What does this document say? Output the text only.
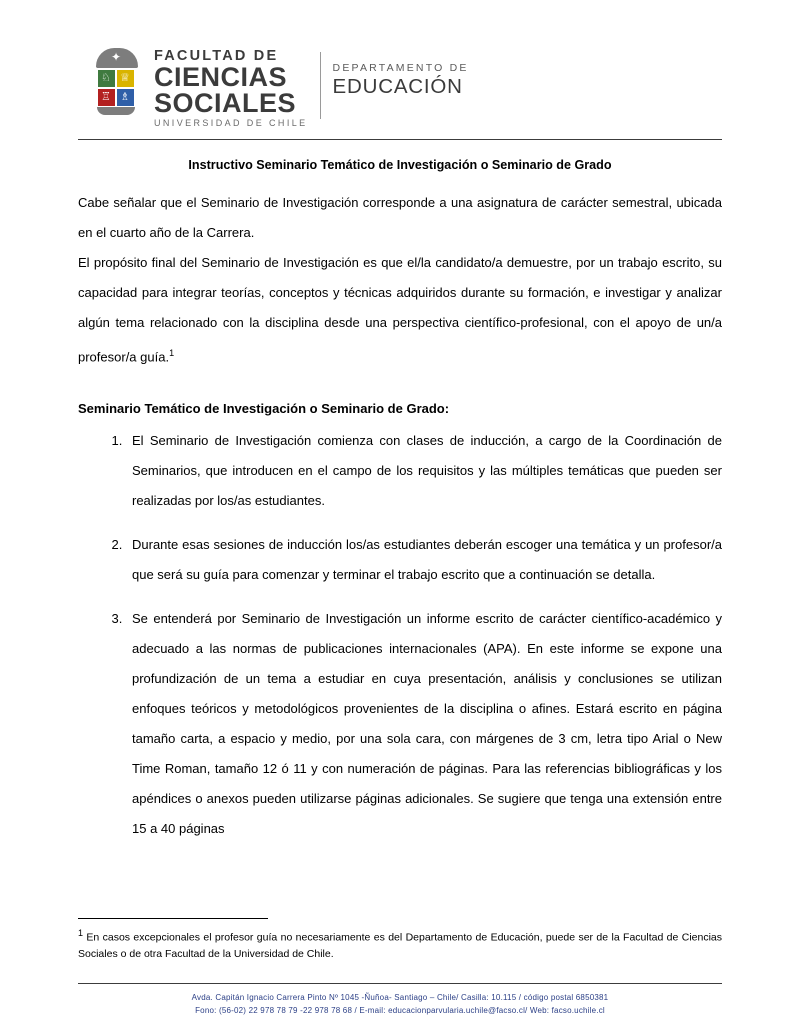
✦
♘ ♕
♖ ♗
FACULTAD DE
CIENCIAS
SOCIALES
UNIVERSIDAD DE CHILE
DEPARTAMENTO DE
EDUCACIÓN
Instructivo Seminario Temático de Investigación o Seminario de Grado

Cabe señalar que el Seminario de Investigación corresponde a una asignatura de carácter semestral, ubicada en el cuarto año de la Carrera.

El propósito final del Seminario de Investigación es que el/la candidato/a demuestre, por un trabajo escrito, su capacidad para integrar teorías, conceptos y técnicas adquiridos durante su formación, e investigar y analizar algún tema relacionado con la disciplina desde una perspectiva científico-profesional, con el apoyo de un/a profesor/a guía.$^1$

Seminario Temático de Investigación o Seminario de Grado:
1. El Seminario de Investigación comienza con clases de inducción, a cargo de la Coordinación de Seminarios, que introducen en el campo de los requisitos y las múltiples temáticas que pueden ser realizadas por los/as estudiantes.
2. Durante esas sesiones de inducción los/as estudiantes deberán escoger una temática y un profesor/a que será su guía para comenzar y terminar el trabajo escrito que a continuación se detalla.
3. Se entenderá por Seminario de Investigación un informe escrito de carácter científico-académico y adecuado a las normas de publicaciones internacionales (APA). En este informe se expone una profundización de un tema a estudiar en cuya presentación, análisis y conclusiones se utilizan enfoques teóricos y metodológicos provenientes de la disciplina o afines. Estará escrito en página tamaño carta, a espacio y medio, por una sola cara, con márgenes de 3 cm, letra tipo Arial o New Time Roman, tamaño 12 ó 11 y con numeración de páginas. Para las referencias bibliográficas y los apéndices o anexos pueden utilizarse páginas adicionales. Se sugiere que tenga una extensión entre 15 a 40 páginas
$^1$ En casos excepcionales el profesor guía no necesariamente es del Departamento de Educación, puede ser de la Facultad de Ciencias Sociales o de otra Facultad de la Universidad de Chile.
Avda. Capitán Ignacio Carrera Pinto Nº 1045 -Ñuñoa- Santiago – Chile/ Casilla: 10.115 / código postal 6850381
Fono: (56-02) 22 978 78 79 -22 978 78 68 / E-mail: educacionparvularia.uchile@facso.cl/ Web: facso.uchile.cl
